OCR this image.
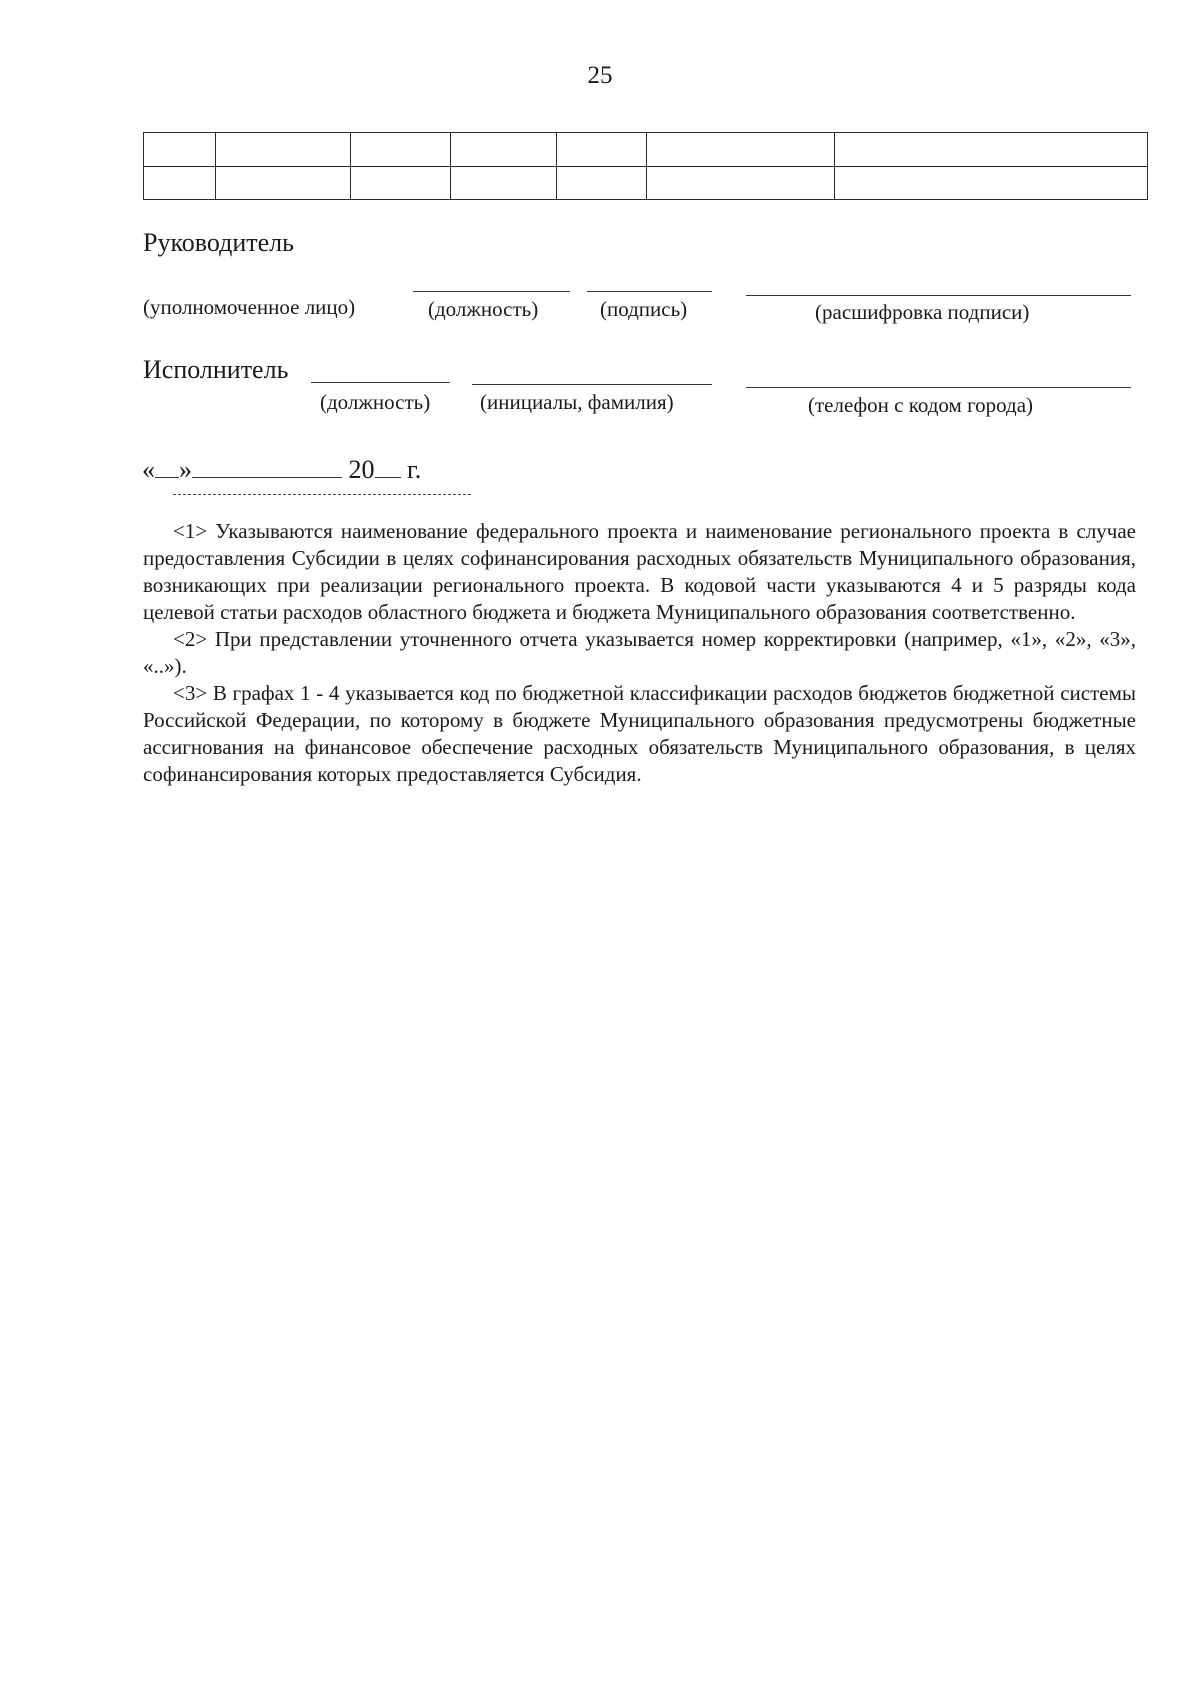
25

Руководитель
(уполномоченное лицо)	(должность)	(подпись)	(расшифровка подписи)
Исполнитель
(должность) (инициалы, фамилия)	(телефон с кодом города)
« »	20 г.

<1> Указываются наименование федерального проекта и наименование регионального проекта в случае предоставления Субсидии в целях софинансирования расходных обязательств Муниципального образования, возникающих при реализации регионального проекта. В кодовой части указываются 4 и 5 разряды кода целевой статьи расходов областного бюджета и бюджета Муниципального образования соответственно.

<2> При представлении уточненного отчета указывается номер корректировки (например, «1», «2», «3», «..»).

<3> В графах 1 - 4 указывается код по бюджетной классификации расходов бюджетов бюджетной системы Российской Федерации, по которому в бюджете Муниципального образования предусмотрены бюджетные ассигнования на финансовое обеспечение расходных обязательств Муниципального образования, в целях софинансирования которых предоставляется Субсидия.
